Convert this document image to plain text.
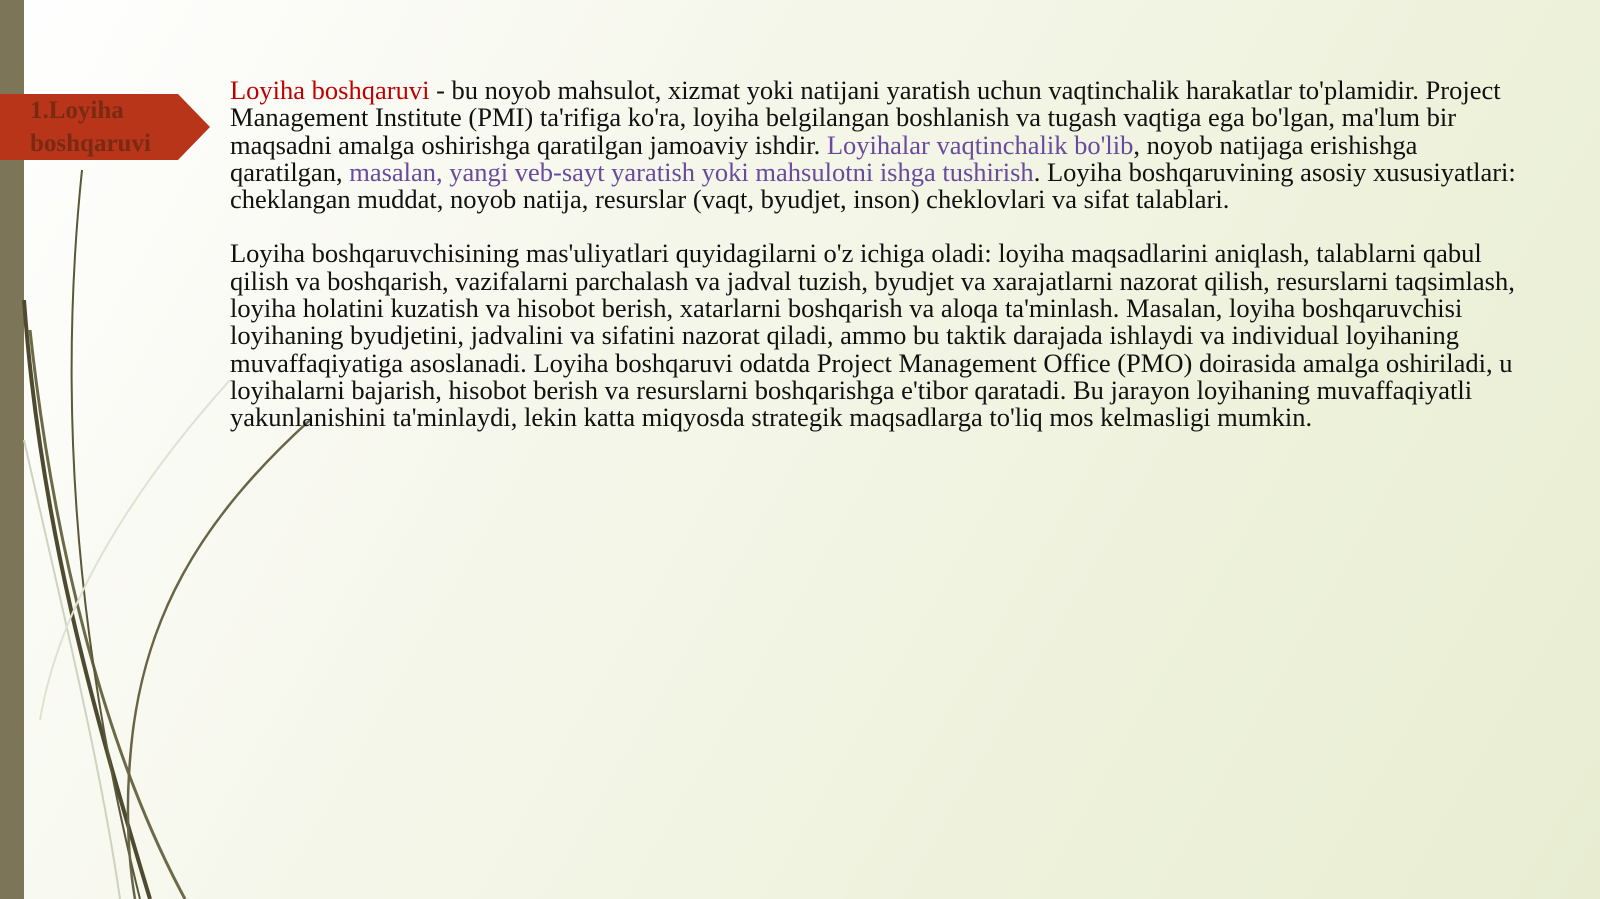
1.Loyiha boshqaruvi

Loyiha boshqaruvi - bu noyob mahsulot, xizmat yoki natijani yaratish uchun vaqtinchalik harakatlar to'plamidir. Project Management Institute (PMI) ta'rifiga ko'ra, loyiha belgilangan boshlanish va tugash vaqtiga ega bo'lgan, ma'lum bir maqsadni amalga oshirishga qaratilgan jamoaviy ishdir. Loyihalar vaqtinchalik bo'lib, noyob natijaga erishishga qaratilgan, masalan, yangi veb-sayt yaratish yoki mahsulotni ishga tushirish. Loyiha boshqaruvining asosiy xususiyatlari: cheklangan muddat, noyob natija, resurslar (vaqt, byudjet, inson) cheklovlari va sifat talablari.

Loyiha boshqaruvchisining mas'uliyatlari quyidagilarni o'z ichiga oladi: loyiha maqsadlarini aniqlash, talablarni qabul qilish va boshqarish, vazifalarni parchalash va jadval tuzish, byudjet va xarajatlarni nazorat qilish, resurslarni taqsimlash, loyiha holatini kuzatish va hisobot berish, xatarlarni boshqarish va aloqa ta'minlash. Masalan, loyiha boshqaruvchisi loyihaning byudjetini, jadvalini va sifatini nazorat qiladi, ammo bu taktik darajada ishlaydi va individual loyihaning muvaffaqiyatiga asoslanadi. Loyiha boshqaruvi odatda Project Management Office (PMO) doirasida amalga oshiriladi, u loyihalarni bajarish, hisobot berish va resurslarni boshqarishga e'tibor qaratadi. Bu jarayon loyihaning muvaffaqiyatli yakunlanishini ta'minlaydi, lekin katta miqyosda strategik maqsadlarga to'liq mos kelmasligi mumkin.
